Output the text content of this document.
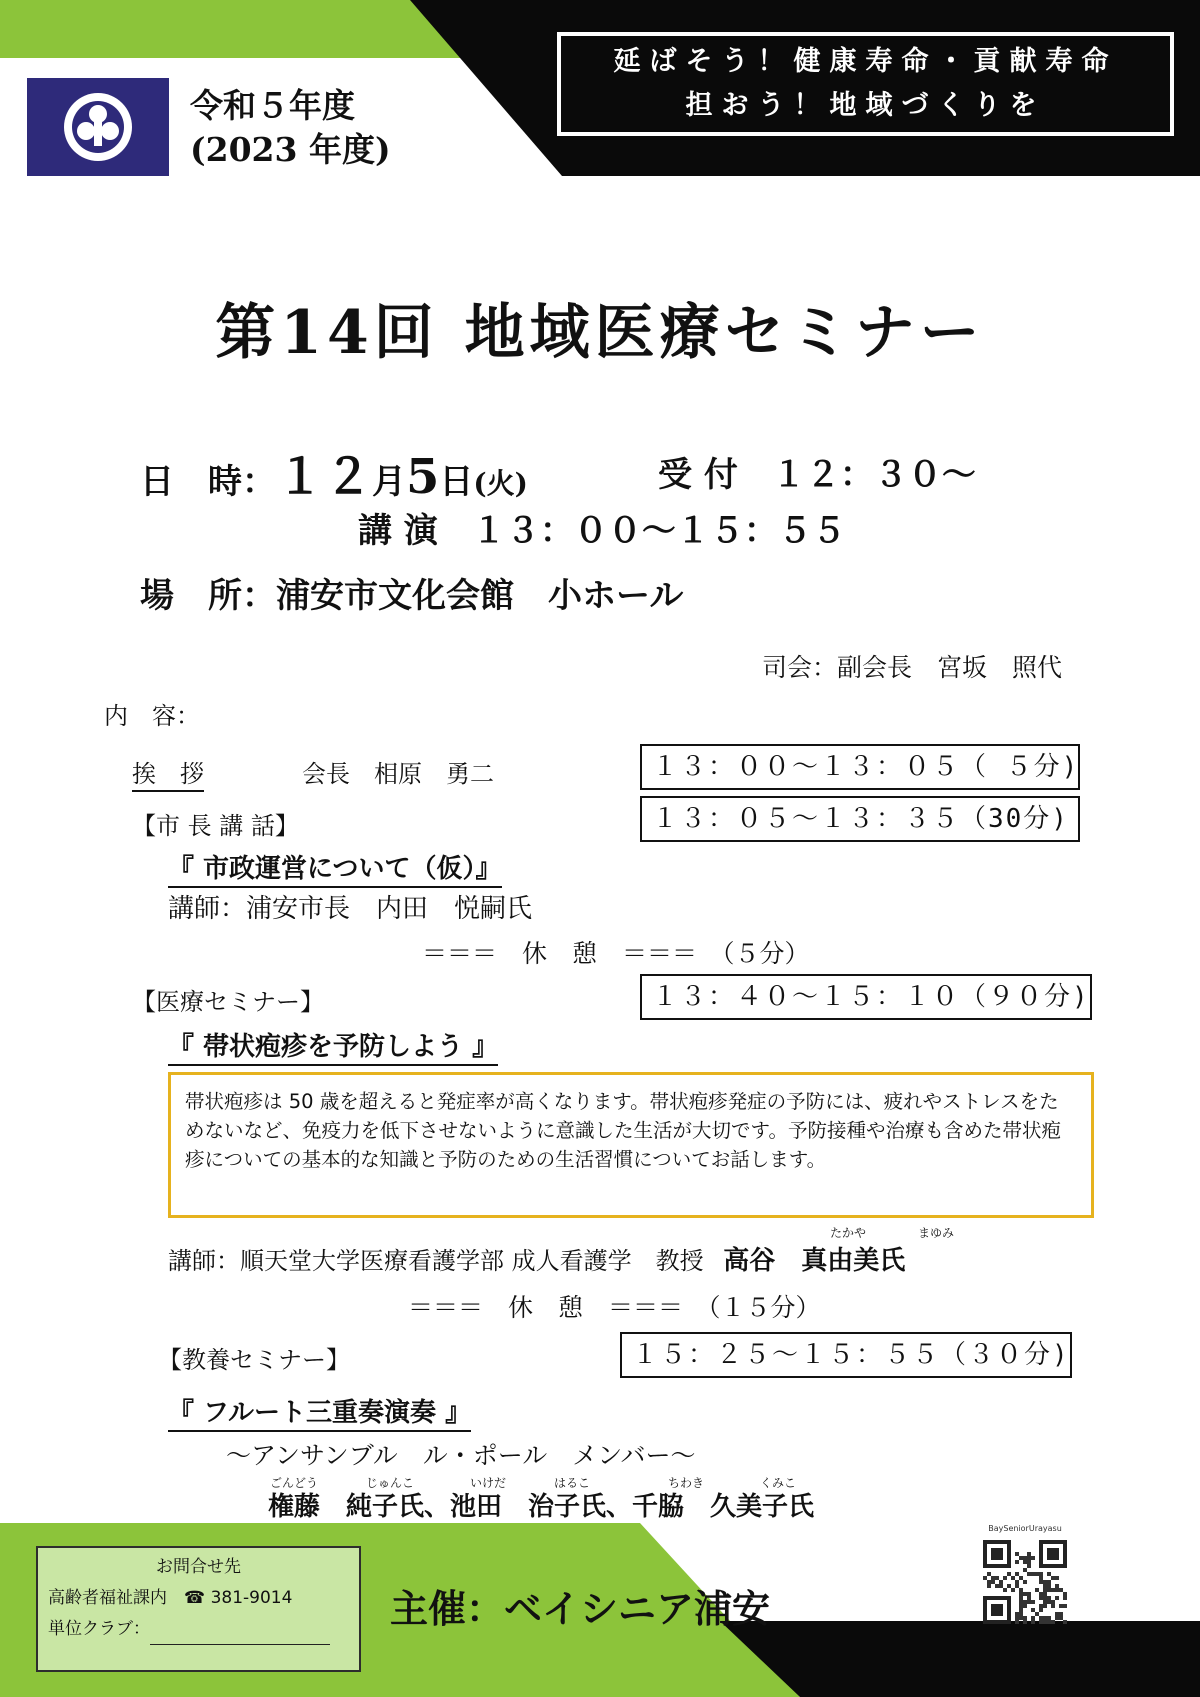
延ばそう！健康寿命・貢献寿命
担おう！地域づくりを
令和５年度
(2023 年度)
第14回 地域医療セミナー
日　時：１２月5日(火)	受 付　１２：３０～
講 演　１３：００～１５：５５
場　所：浦安市文化会館　小ホール
司会：副会長　宮坂　照代
内　容：
挨　拶	会長　相原　勇二	１３：００～１３：０５（ ５分)
【市 長 講 話】	１３：０５～１３：３５（30分)
『 市政運営について（仮）』
講師：浦安市長　内田　悦嗣氏
＝＝＝　休　憩　＝＝＝　（５分）
【医療セミナー】	１３：４０～１５：１０（９０分)
『 帯状疱疹を予防しよう 』
帯状疱疹は 50 歳を超えると発症率が高くなります。帯状疱疹発症の予防には、疲れやストレスをためないなど、免疫力を低下させないように意識した生活が大切です。予防接種や治療も含めた帯状疱疹についての基本的な知識と予防のための生活習慣についてお話します。
たかや	まゆみ
講師：順天堂大学医療看護学部 成人看護学　教授 高谷　真由美氏
＝＝＝　休　憩　＝＝＝　（１５分）
【教養セミナー】	１５：２５～１５：５５（３０分)
『 フルート三重奏演奏 』
～アンサンブル　ル・ポール　メンバー～
ごんどう	じゅんこ	いけだ	はるこ	ちわき	くみこ
権藤　純子氏、池田　治子氏、千脇　久美子氏
お問合せ先
高齢者福祉課内　☎ 381-9014
単位クラブ：	主催：ベイシニア浦安
BaySeniorUrayasu
